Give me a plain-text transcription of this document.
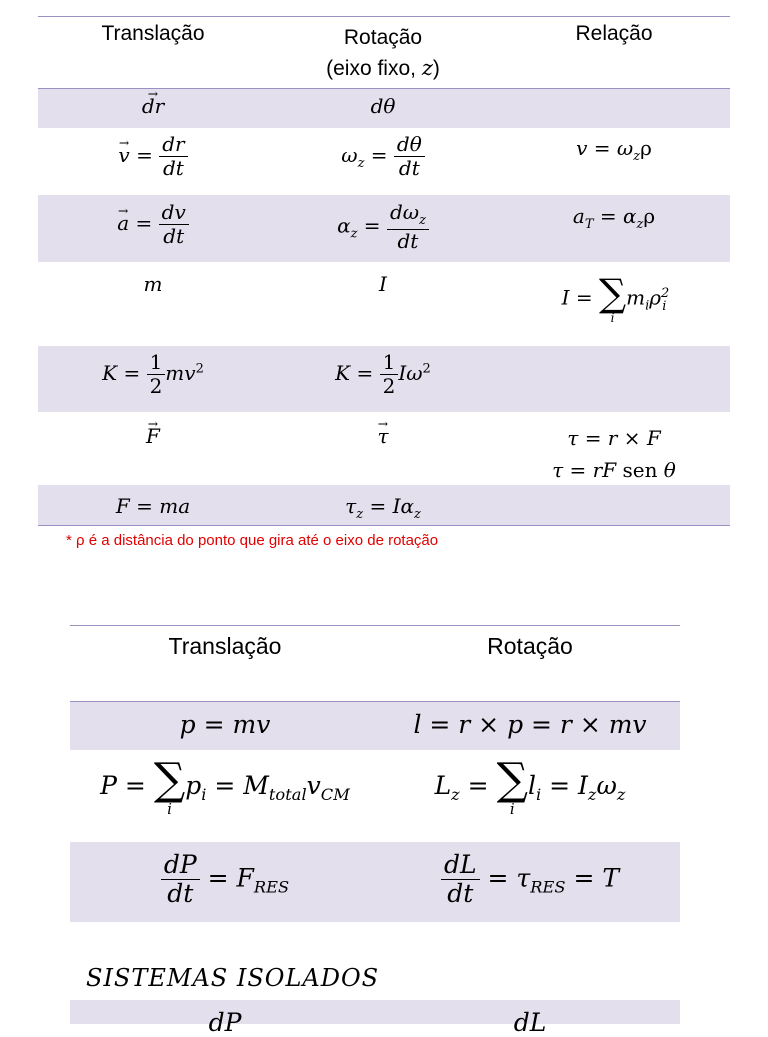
Translação	Rotação
(eixo fixo, z)
Relação
→ dr	dθ
→ $v = \frac{dr}{dt}$	$\omega_z = \frac{d\theta}{dt}$	$v = \omega_z\rho$
→ $a = \frac{dv}{dt}$	$\alpha_z = \frac{d\omega_z}{dt}$	$a_T = \alpha_z\rho$
m	I
I = ∑
i
$m_i\rho^2_i$
$K = \frac{1}{2} mv^2$	$K = \frac{1}{2} I\omega^2$
→ F
→	τ	τ = r × F
τ = rF sen θ
F = ma	$\tau_z = I\alpha_z$
* ρ é a distância do ponto que gira até o eixo de rotação
Translação	Rotação
p = mv	l = r × p = r × mv
P = ∑
i
$p_i = M_{total}v_{CM}$	$L_z$ = ∑
i
$l_i = I_z\omega_z$
$\frac{dP}{dt} = F_{RES}$	$\frac{dL}{dt} = \tau_{RES} = T$
SISTEMAS ISOLADOS
dP	dL
